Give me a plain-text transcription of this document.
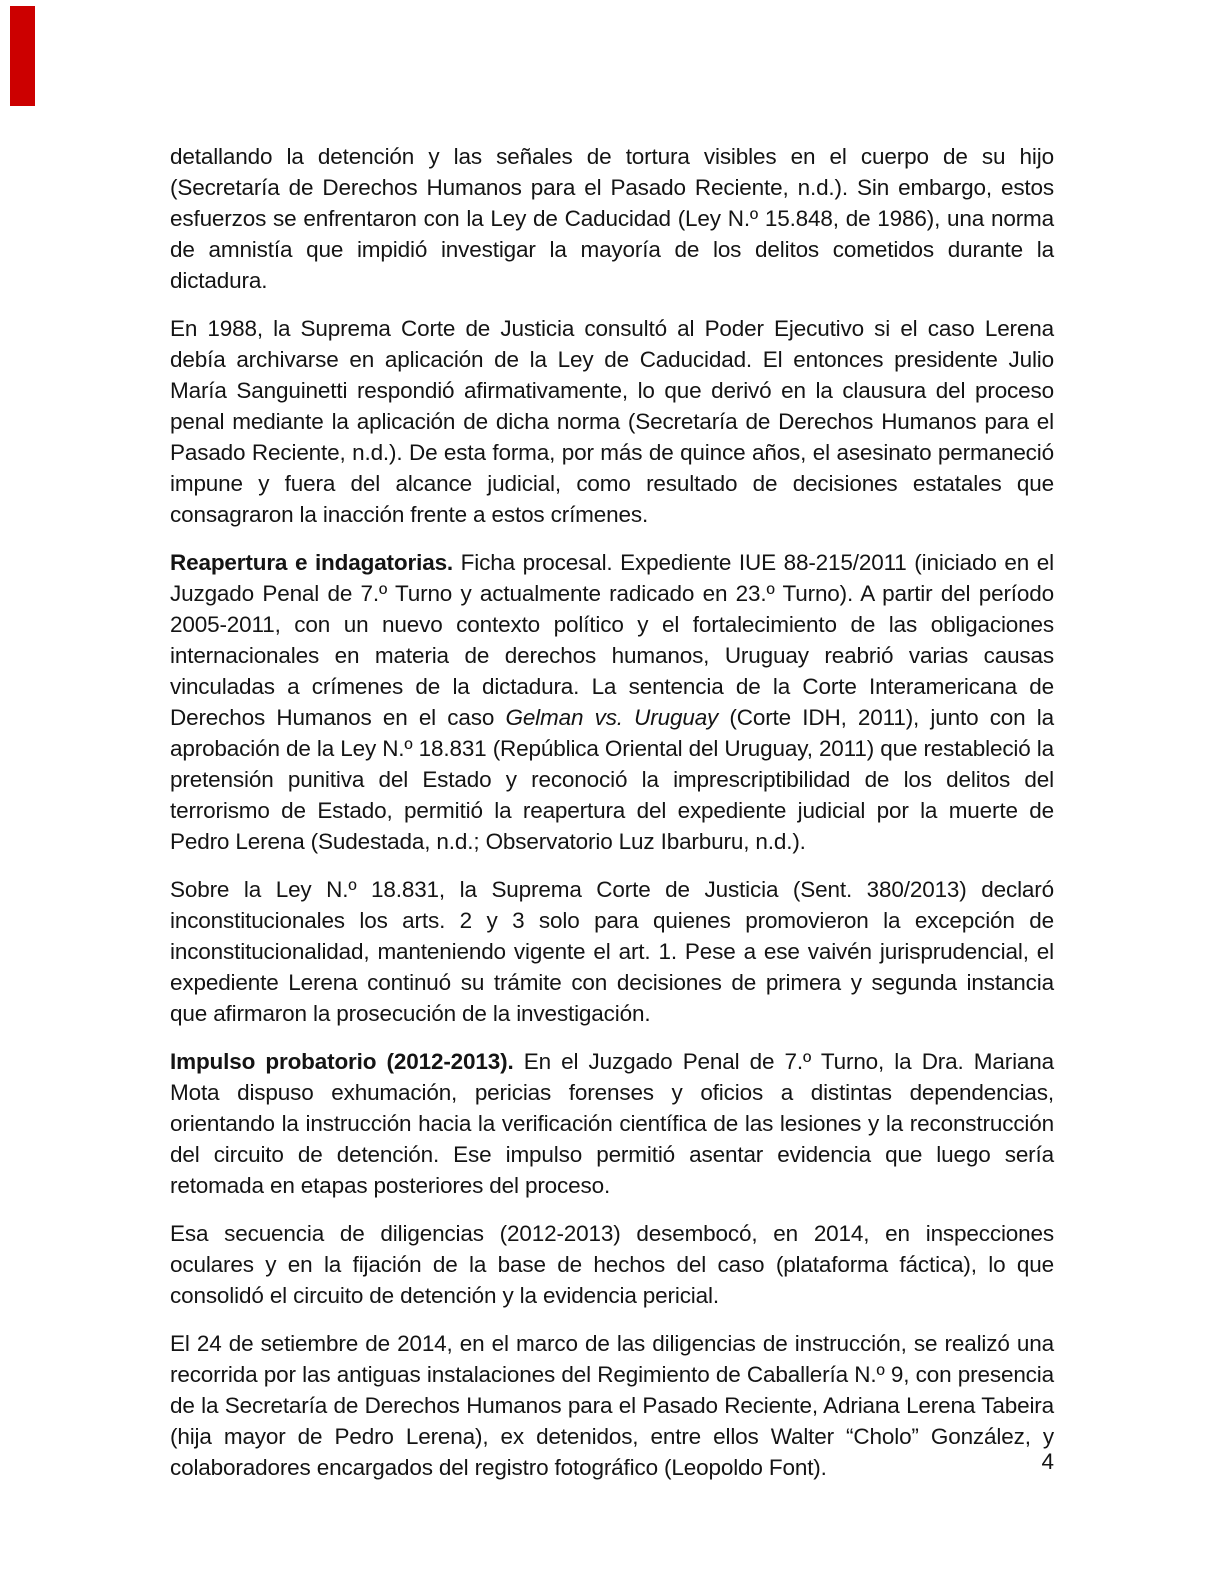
detallando la detención y las señales de tortura visibles en el cuerpo de su hijo (Secretaría de Derechos Humanos para el Pasado Reciente, n.d.). Sin embargo, estos esfuerzos se enfrentaron con la Ley de Caducidad (Ley N.º 15.848, de 1986), una norma de amnistía que impidió investigar la mayoría de los delitos cometidos durante la dictadura.

En 1988, la Suprema Corte de Justicia consultó al Poder Ejecutivo si el caso Lerena debía archivarse en aplicación de la Ley de Caducidad. El entonces presidente Julio María Sanguinetti respondió afirmativamente, lo que derivó en la clausura del proceso penal mediante la aplicación de dicha norma (Secretaría de Derechos Humanos para el Pasado Reciente, n.d.). De esta forma, por más de quince años, el asesinato permaneció impune y fuera del alcance judicial, como resultado de decisiones estatales que consagraron la inacción frente a estos crímenes.

Reapertura e indagatorias. Ficha procesal. Expediente IUE 88-215/2011 (iniciado en el Juzgado Penal de 7.º Turno y actualmente radicado en 23.º Turno). A partir del período 2005-2011, con un nuevo contexto político y el fortalecimiento de las obligaciones internacionales en materia de derechos humanos, Uruguay reabrió varias causas vinculadas a crímenes de la dictadura. La sentencia de la Corte Interamericana de Derechos Humanos en el caso Gelman vs. Uruguay (Corte IDH, 2011), junto con la aprobación de la Ley N.º 18.831 (República Oriental del Uruguay, 2011) que restableció la pretensión punitiva del Estado y reconoció la imprescriptibilidad de los delitos del terrorismo de Estado, permitió la reapertura del expediente judicial por la muerte de Pedro Lerena (Sudestada, n.d.; Observatorio Luz Ibarburu, n.d.).

Sobre la Ley N.º 18.831, la Suprema Corte de Justicia (Sent. 380/2013) declaró inconstitucionales los arts. 2 y 3 solo para quienes promovieron la excepción de inconstitucionalidad, manteniendo vigente el art. 1. Pese a ese vaivén jurisprudencial, el expediente Lerena continuó su trámite con decisiones de primera y segunda instancia que afirmaron la prosecución de la investigación.

Impulso probatorio (2012-2013). En el Juzgado Penal de 7.º Turno, la Dra. Mariana Mota dispuso exhumación, pericias forenses y oficios a distintas dependencias, orientando la instrucción hacia la verificación científica de las lesiones y la reconstrucción del circuito de detención. Ese impulso permitió asentar evidencia que luego sería retomada en etapas posteriores del proceso.

Esa secuencia de diligencias (2012-2013) desembocó, en 2014, en inspecciones oculares y en la fijación de la base de hechos del caso (plataforma fáctica), lo que consolidó el circuito de detención y la evidencia pericial.

El 24 de setiembre de 2014, en el marco de las diligencias de instrucción, se realizó una recorrida por las antiguas instalaciones del Regimiento de Caballería N.º 9, con presencia de la Secretaría de Derechos Humanos para el Pasado Reciente, Adriana Lerena Tabeira (hija mayor de Pedro Lerena), ex detenidos, entre ellos Walter “Cholo” González, y colaboradores encargados del registro fotográfico (Leopoldo Font).	4
